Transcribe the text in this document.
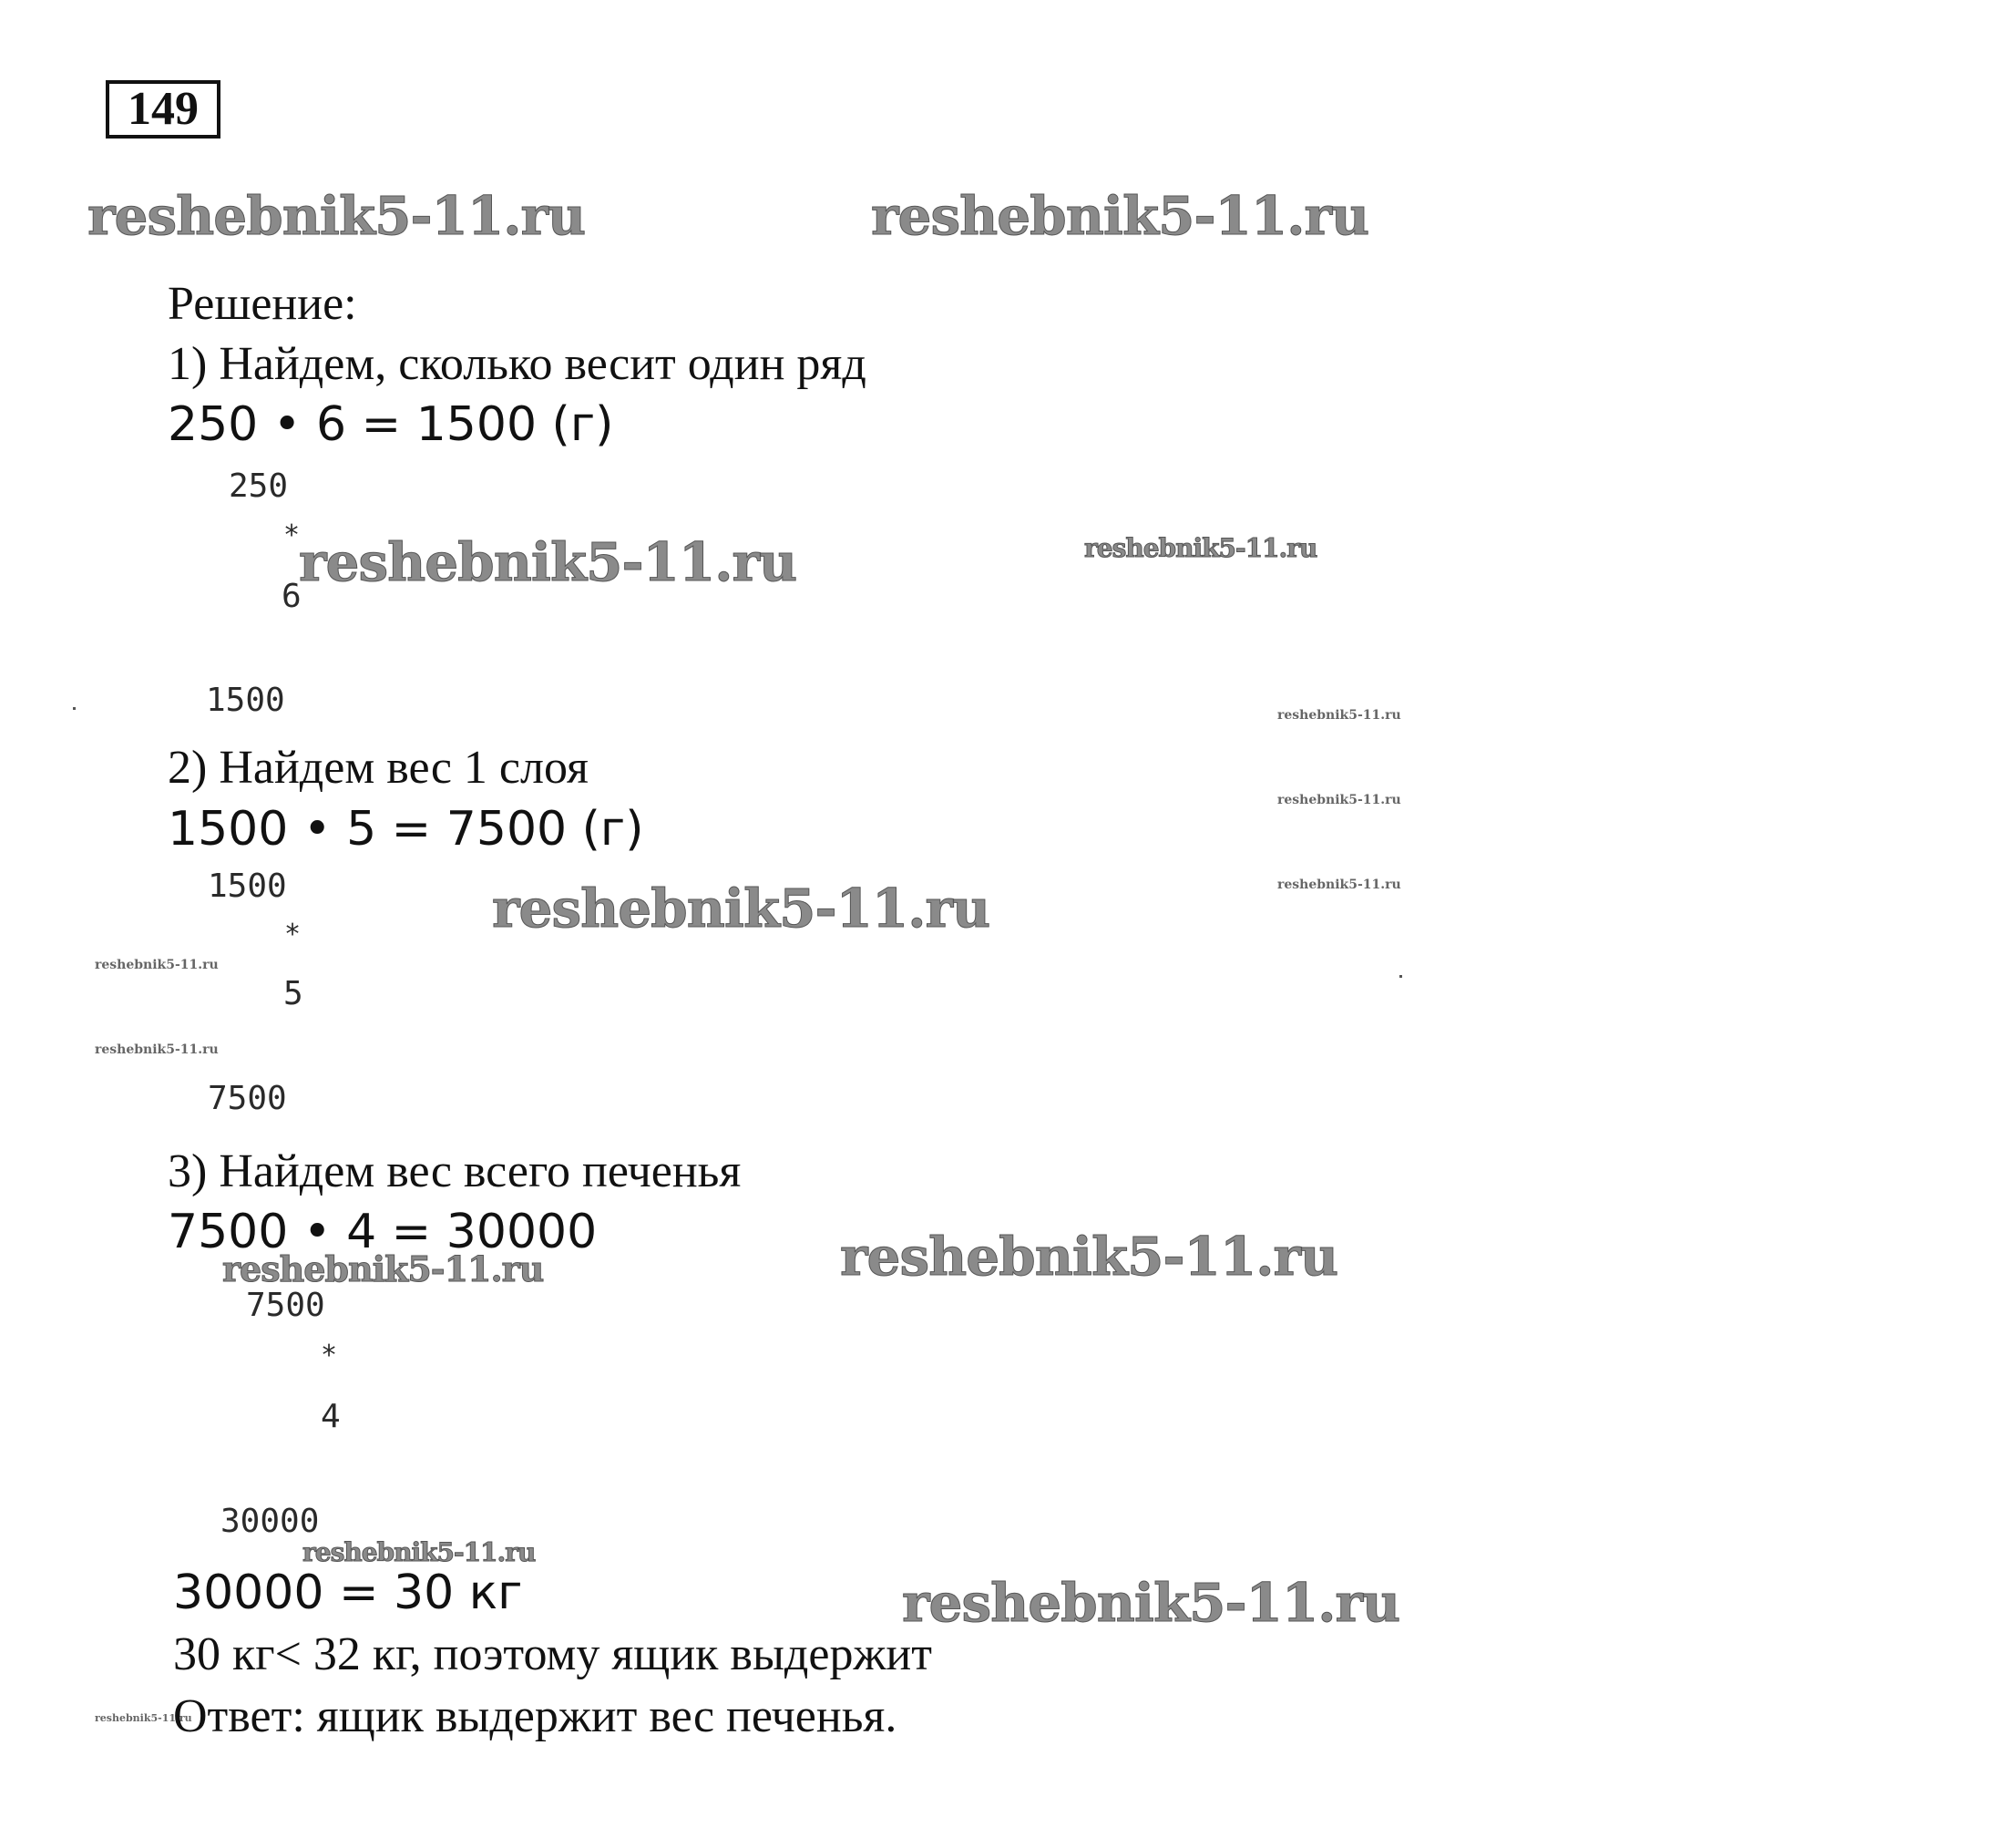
149
reshebnik5-11.ru	reshebnik5-11.ru
Решение:
1) Найдем, сколько весит один ряд
250 • 6 = 1500 (г)
250
*
6
1500
reshebnik5-11.ru	reshebnik5-11.ru
reshebnik5-11.ru
2) Найдем вес 1 слоя
1500 • 5 = 7500 (г)
reshebnik5-11.ru
reshebnik5-11.ru
1500
*
5
7500
reshebnik5-11.ru
reshebnik5-11.ru
reshebnik5-11.ru
3) Найдем вес всего печенья
7500 • 4 = 30000
reshebnik5-11.ru	reshebnik5-11.ru
7500
*
4
30000
reshebnik5-11.ru
30000 = 30 кг	reshebnik5-11.ru
30 кг< 32 кг, поэтому ящик выдержит
reshebnik5-11.ru
Ответ: ящик выдержит вес печенья.
